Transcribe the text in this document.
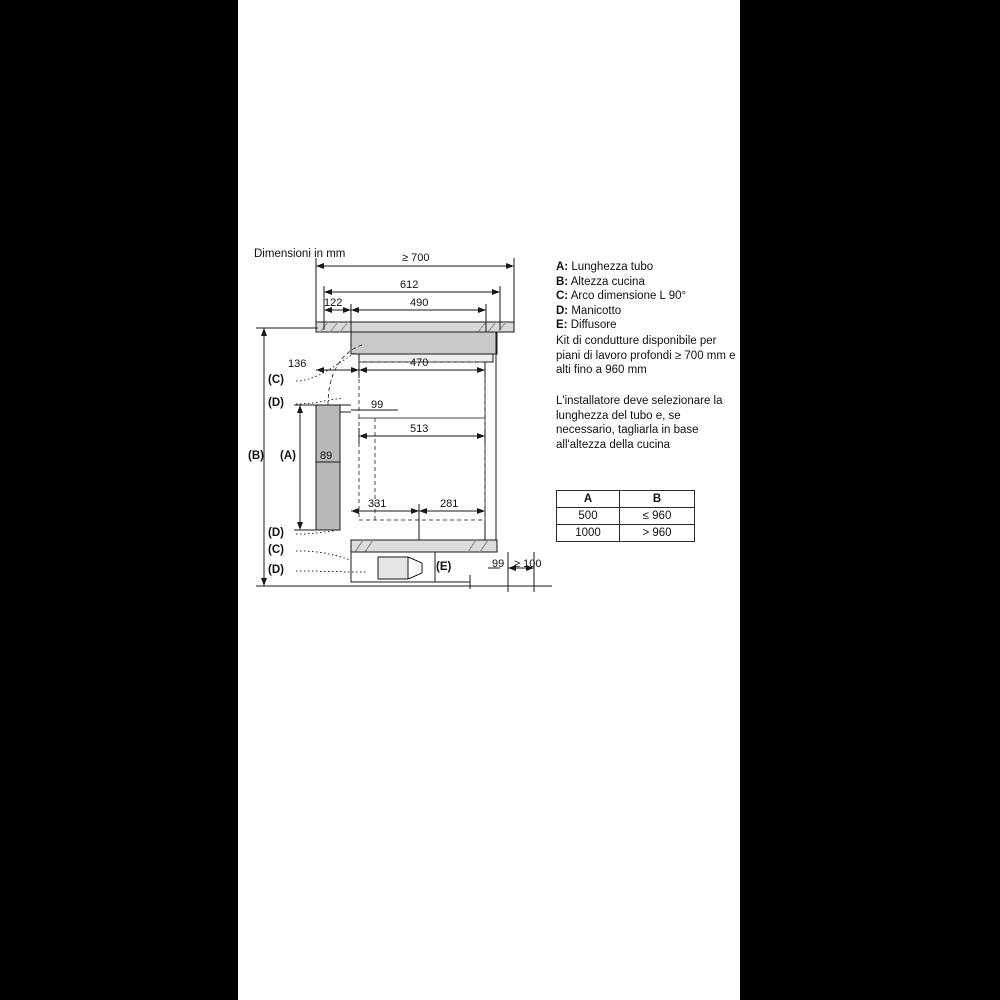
Dimensioni in mm
A: Lunghezza tubo
B: Altezza cucina
C: Arco dimensione L 90°
D: Manicotto
E: Diffusore
Kit di condutture disponibile per piani di lavoro profondi ≥ 700 mm e alti fino a 960 mm
L'installatore deve selezionare la lunghezza del tubo e, se necessario, tagliarla in base all'altezza della cucina
A	B
500	≤ 960
1000	> 960
≥ 700
612
122	490
136	470
99
513
89
331	281
99 ≥ 100
(B) (A)
(C)
(D)
(D)
(C)
(D)	(E)
